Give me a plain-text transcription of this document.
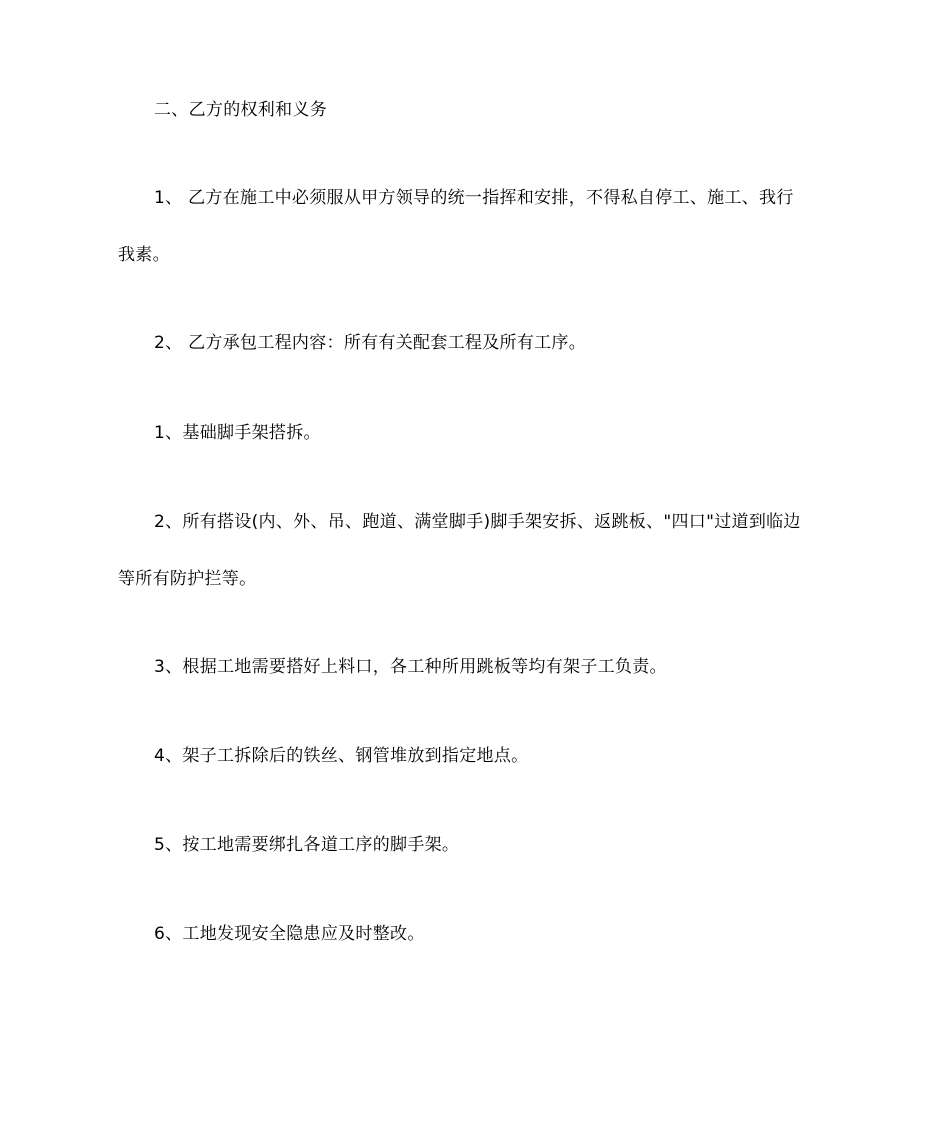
二、乙方的权利和义务
1、 乙方在施工中必须服从甲方领导的统一指挥和安排，不得私自停工、施工、我行
我素。
2、 乙方承包工程内容：所有有关配套工程及所有工序。
1、基础脚手架搭拆。
2、所有搭设(内、外、吊、跑道、满堂脚手)脚手架安拆、返跳板、"四口"过道到临边
等所有防护拦等。
3、根据工地需要搭好上料口，各工种所用跳板等均有架子工负责。
4、架子工拆除后的铁丝、钢管堆放到指定地点。
5、按工地需要绑扎各道工序的脚手架。
6、工地发现安全隐患应及时整改。
